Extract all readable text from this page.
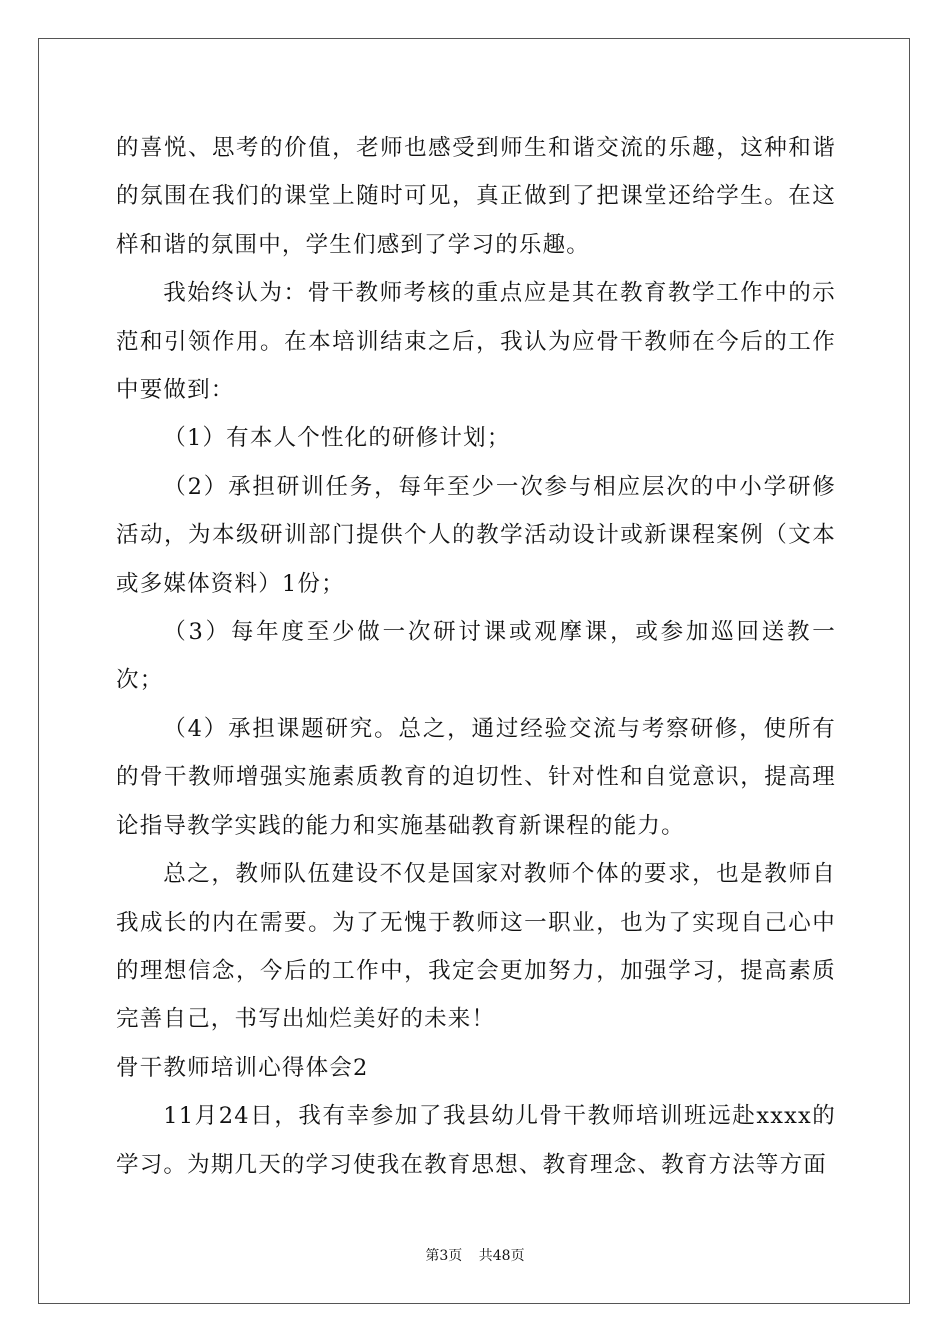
的喜悦、思考的价值，老师也感受到师生和谐交流的乐趣，这种和谐的氛围在我们的课堂上随时可见，真正做到了把课堂还给学生。在这样和谐的氛围中，学生们感到了学习的乐趣。

我始终认为：骨干教师考核的重点应是其在教育教学工作中的示范和引领作用。在本培训结束之后，我认为应骨干教师在今后的工作中要做到：

（1）有本人个性化的研修计划；

（2）承担研训任务，每年至少一次参与相应层次的中小学研修活动，为本级研训部门提供个人的教学活动设计或新课程案例（文本或多媒体资料）1份；

（3）每年度至少做一次研讨课或观摩课，或参加巡回送教一次；

（4）承担课题研究。总之，通过经验交流与考察研修，使所有的骨干教师增强实施素质教育的迫切性、针对性和自觉意识，提高理论指导教学实践的能力和实施基础教育新课程的能力。

总之，教师队伍建设不仅是国家对教师个体的要求，也是教师自我成长的内在需要。为了无愧于教师这一职业，也为了实现自己心中的理想信念，今后的工作中，我定会更加努力，加强学习，提高素质完善自己，书写出灿烂美好的未来！

骨干教师培训心得体会2

11月24日，我有幸参加了我县幼儿骨干教师培训班远赴xxxx的学习。为期几天的学习使我在教育思想、教育理念、教育方法等方面

第3页 共48页
